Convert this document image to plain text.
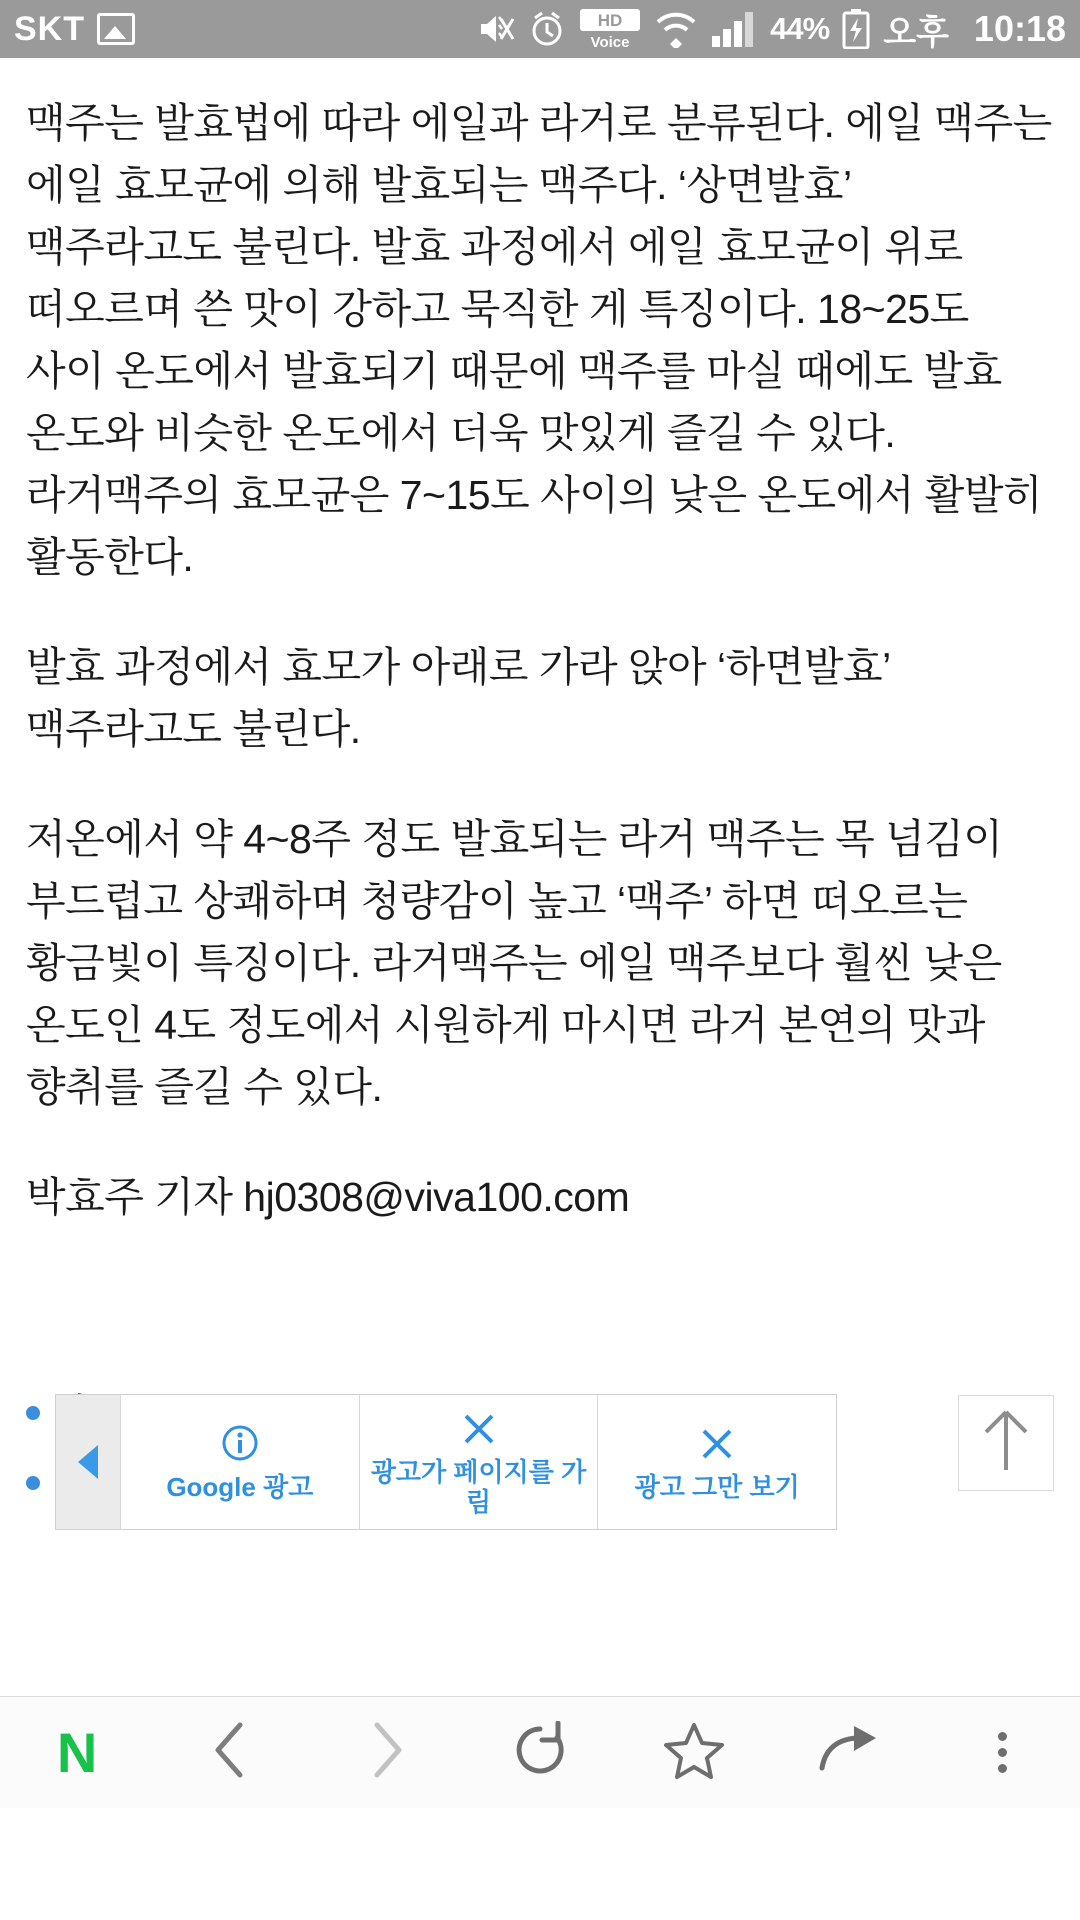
SKT	HD
Voice	44% 오후 10:18

맥주는 발효법에 따라 에일과 라거로 분류된다. 에일 맥주는 에일 효모균에 의해 발효되는 맥주다. ‘상면발효’ 맥주라고도 불린다. 발효 과정에서 에일 효모균이 위로 떠오르며 쓴 맛이 강하고 묵직한 게 특징이다. 18~25도 사이 온도에서 발효되기 때문에 맥주를 마실 때에도 발효 온도와 비슷한 온도에서 더욱 맛있게 즐길 수 있다. 라거맥주의 효모균은 7~15도 사이의 낮은 온도에서 활발히 활동한다.

발효 과정에서 효모가 아래로 가라 앉아 ‘하면발효’ 맥주라고도 불린다.

저온에서 약 4~8주 정도 발효되는 라거 맥주는 목 넘김이 부드럽고 상쾌하며 청량감이 높고 ‘맥주’ 하면 떠오르는 황금빛이 특징이다. 라거맥주는 에일 맥주보다 훨씬 낮은 온도인 4도 정도에서 시원하게 마시면 라거 본연의 맛과 향취를 즐길 수 있다.

박효주 기자 hj0308@viva100.com

Google 광고 광고가 페이지를 가림	광고 그만 보기
N
